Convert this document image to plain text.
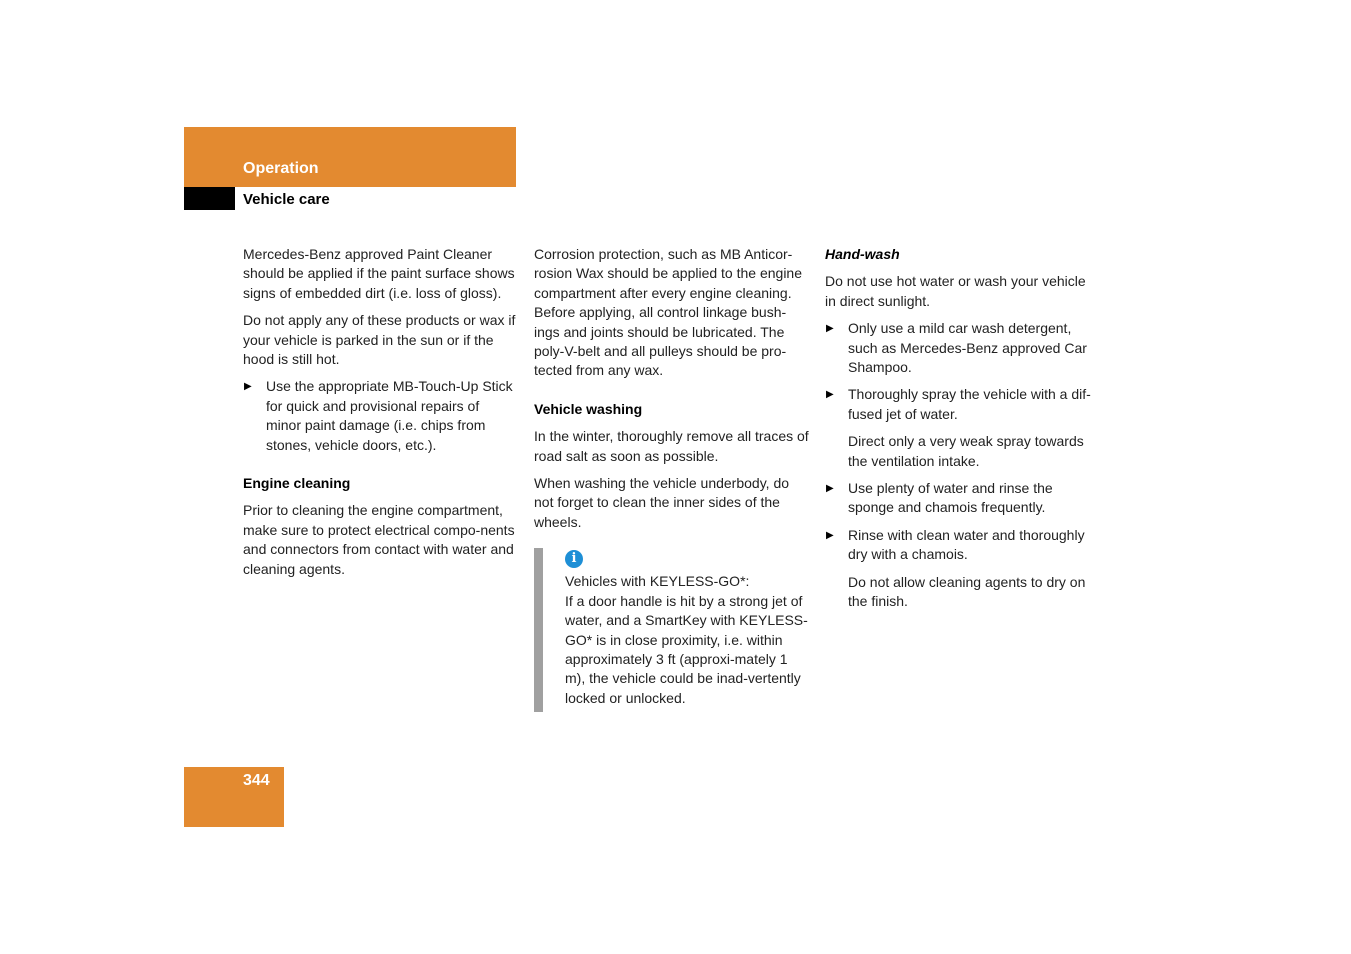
Operation
Vehicle care

Mercedes-Benz approved Paint Cleaner should be applied if the paint surface shows signs of embedded dirt (i.e. loss of gloss).

Do not apply any of these products or wax if your vehicle is parked in the sun or if the hood is still hot.

▶ Use the appropriate MB-Touch-Up Stick for quick and provisional repairs of minor paint damage (i.e. chips from stones, vehicle doors, etc.).
Engine cleaning

Prior to cleaning the engine compartment, make sure to protect electrical compo-nents and connectors from contact with water and cleaning agents.

Corrosion protection, such as MB Anticor-rosion Wax should be applied to the engine compartment after every engine cleaning. Before applying, all control linkage bush-ings and joints should be lubricated. The poly-V-belt and all pulleys should be pro-tected from any wax.

Vehicle washing

In the winter, thoroughly remove all traces of road salt as soon as possible.

When washing the vehicle underbody, do not forget to clean the inner sides of the wheels.

i

Vehicles with KEYLESS-GO*:

If a door handle is hit by a strong jet of water, and a SmartKey with KEYLESS-GO* is in close proximity, i.e. within approximately 3 ft (approxi-mately 1 m), the vehicle could be inad-vertently locked or unlocked.

Hand-wash

Do not use hot water or wash your vehicle in direct sunlight.

▶ Only use a mild car wash detergent, such as Mercedes-Benz approved Car Shampoo.
▶ Thoroughly spray the vehicle with a dif-fused jet of water.

Direct only a very weak spray towards the ventilation intake.

▶ Use plenty of water and rinse the sponge and chamois frequently.
▶ Rinse with clean water and thoroughly dry with a chamois.

Do not allow cleaning agents to dry on the finish.

344
